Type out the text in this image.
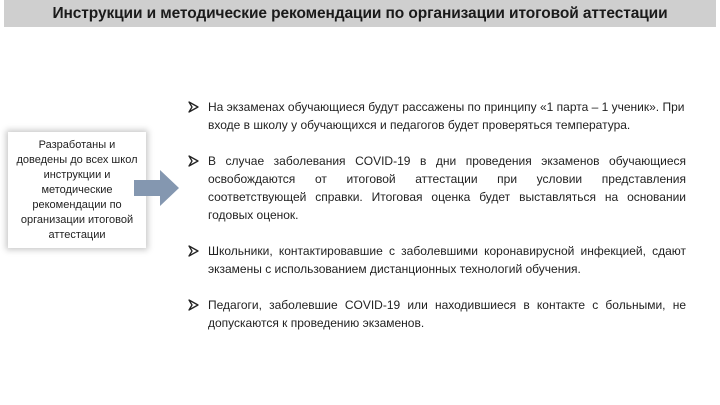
Инструкции и методические рекомендации по организации итоговой аттестации
Разработаны и доведены до всех школ инструкции и методические рекомендации по организации итоговой аттестации
На экзаменах обучающиеся будут рассажены по принципу «1 парта – 1 ученик». При входе в школу у обучающихся и педагогов будет проверяться температура.
В случае заболевания COVID-19 в дни проведения экзаменов обучающиеся освобождаются от итоговой аттестации при условии представления соответствующей справки. Итоговая оценка будет выставляться на основании годовых оценок.
Школьники, контактировавшие с заболевшими коронавирусной инфекцией, сдают экзамены с использованием дистанционных технологий обучения.
Педагоги, заболевшие COVID-19 или находившиеся в контакте с больными, не допускаются к проведению экзаменов.
